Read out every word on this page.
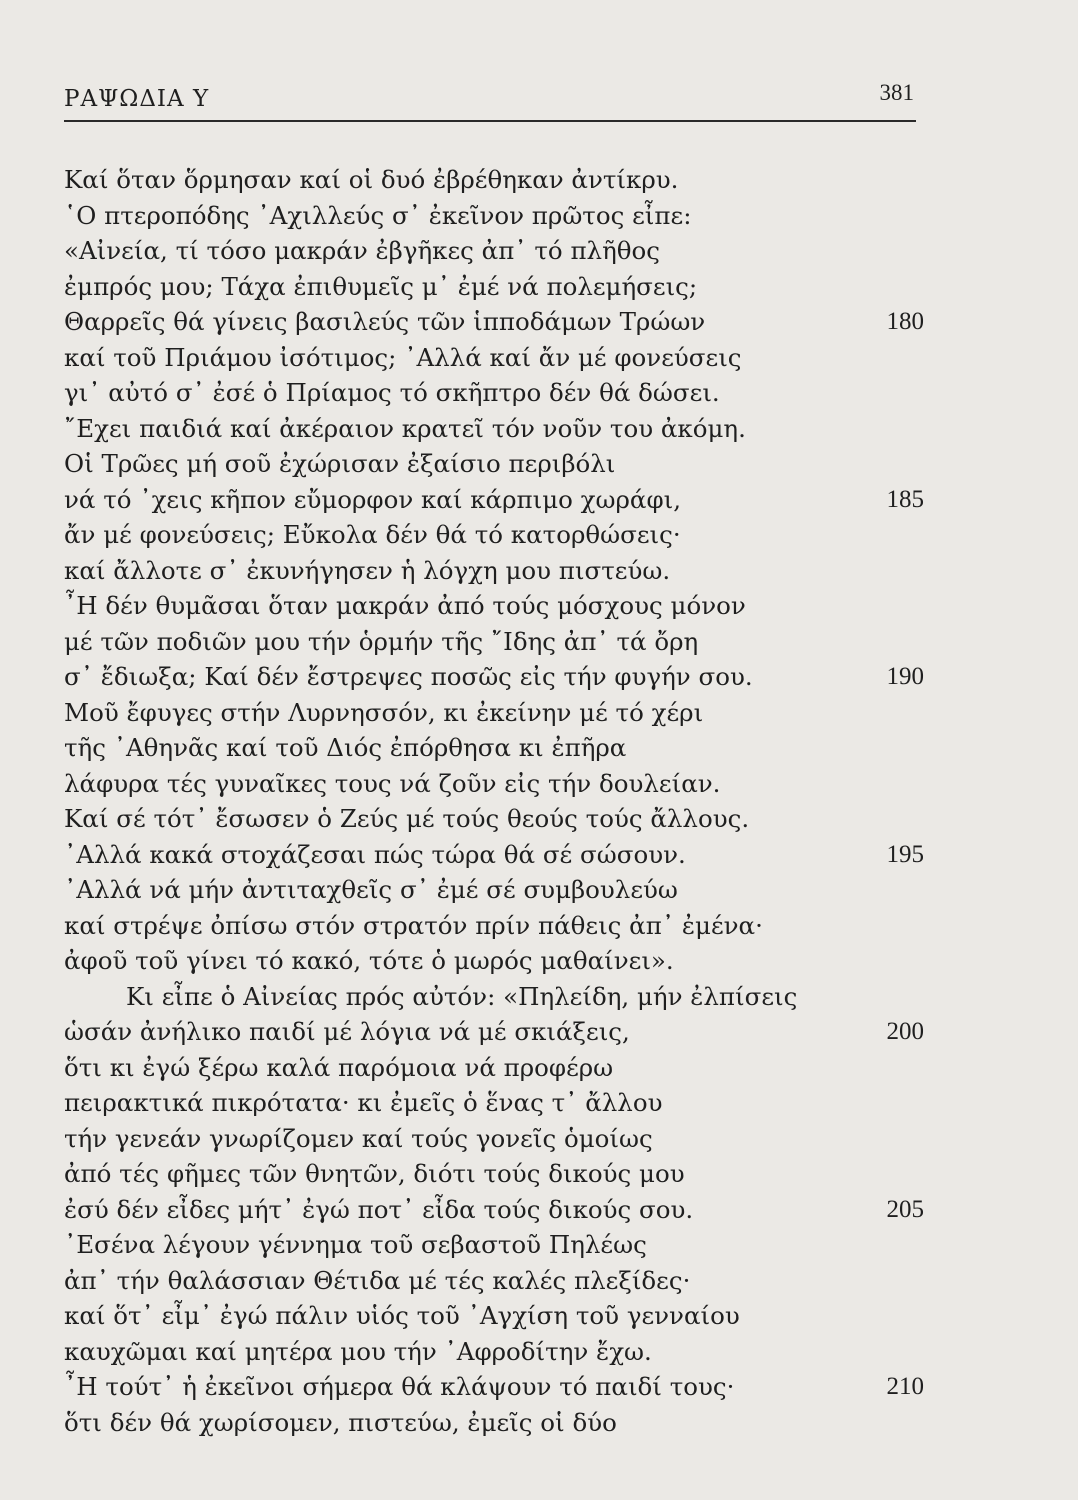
ΡΑΨΩΔΙΑ Υ	381
Καί ὅταν ὅρμησαν καί οἱ δυό ἐβρέθηκαν ἀντίκρυ.
῾Ο πτεροπόδης ᾿Αχιλλεύς σ᾿ ἐκεῖνον πρῶτος εἶπε:
«Αἰνεία, τί τόσο μακράν ἐβγῆκες ἀπ᾿ τό πλῆθος
ἐμπρός μου; Τάχα ἐπιθυμεῖς μ᾿ ἐμέ νά πολεμήσεις;
Θαρρεῖς θά γίνεις βασιλεύς τῶν ἱπποδάμων Τρώων	180
καί τοῦ Πριάμου ἰσότιμος; ᾿Αλλά καί ἄν μέ φονεύσεις
γι᾿ αὐτό σ᾿ ἐσέ ὁ Πρίαμος τό σκῆπτρο δέν θά δώσει.
῎Εχει παιδιά καί ἀκέραιον κρατεῖ τόν νοῦν του ἀκόμη.
Οἱ Τρῶες μή σοῦ ἐχώρισαν ἐξαίσιο περιβόλι
νά τό ᾿χεις κῆπον εὔμορφον καί κάρπιμο χωράφι,	185
ἄν μέ φονεύσεις; Εὔκολα δέν θά τό κατορθώσεις·
καί ἄλλοτε σ᾿ ἐκυνήγησεν ἡ λόγχη μου πιστεύω.
῏Η δέν θυμᾶσαι ὅταν μακράν ἀπό τούς μόσχους μόνον
μέ τῶν ποδιῶν μου τήν ὁρμήν τῆς ῎Ιδης ἀπ᾿ τά ὄρη
σ᾿ ἔδιωξα; Καί δέν ἔστρεψες ποσῶς εἰς τήν φυγήν σου.	190
Μοῦ ἔφυγες στήν Λυρνησσόν, κι ἐκείνην μέ τό χέρι
τῆς ᾿Αθηνᾶς καί τοῦ Διός ἐπόρθησα κι ἐπῆρα
λάφυρα τές γυναῖκες τους νά ζοῦν εἰς τήν δουλείαν.
Καί σέ τότ᾿ ἔσωσεν ὁ Ζεύς μέ τούς θεούς τούς ἄλλους.
᾿Αλλά κακά στοχάζεσαι πώς τώρα θά σέ σώσουν.	195
᾿Αλλά νά μήν ἀντιταχθεῖς σ᾿ ἐμέ σέ συμβουλεύω
καί στρέψε ὀπίσω στόν στρατόν πρίν πάθεις ἀπ᾿ ἐμένα·
ἀφοῦ τοῦ γίνει τό κακό, τότε ὁ μωρός μαθαίνει».
Κι εἶπε ὁ Αἰνείας πρός αὐτόν: «Πηλείδη, μήν ἐλπίσεις
ὡσάν ἀνήλικο παιδί μέ λόγια νά μέ σκιάξεις,	200
ὅτι κι ἐγώ ξέρω καλά παρόμοια νά προφέρω
πειρακτικά πικρότατα· κι ἐμεῖς ὁ ἕνας τ᾿ ἄλλου
τήν γενεάν γνωρίζομεν καί τούς γονεῖς ὁμοίως
ἀπό τές φῆμες τῶν θνητῶν, διότι τούς δικούς μου
ἐσύ δέν εἶδες μήτ᾿ ἐγώ ποτ᾿ εἶδα τούς δικούς σου.	205
᾿Εσένα λέγουν γέννημα τοῦ σεβαστοῦ Πηλέως
ἀπ᾿ τήν θαλάσσιαν Θέτιδα μέ τές καλές πλεξίδες·
καί ὅτ᾿ εἶμ᾿ ἐγώ πάλιν υἱός τοῦ ᾿Αγχίση τοῦ γενναίου
καυχῶμαι καί μητέρα μου τήν ᾿Αφροδίτην ἔχω.
῏Η τούτ᾿ ἡ ἐκεῖνοι σήμερα θά κλάψουν τό παιδί τους·	210
ὅτι δέν θά χωρίσομεν, πιστεύω, ἐμεῖς οἱ δύο
